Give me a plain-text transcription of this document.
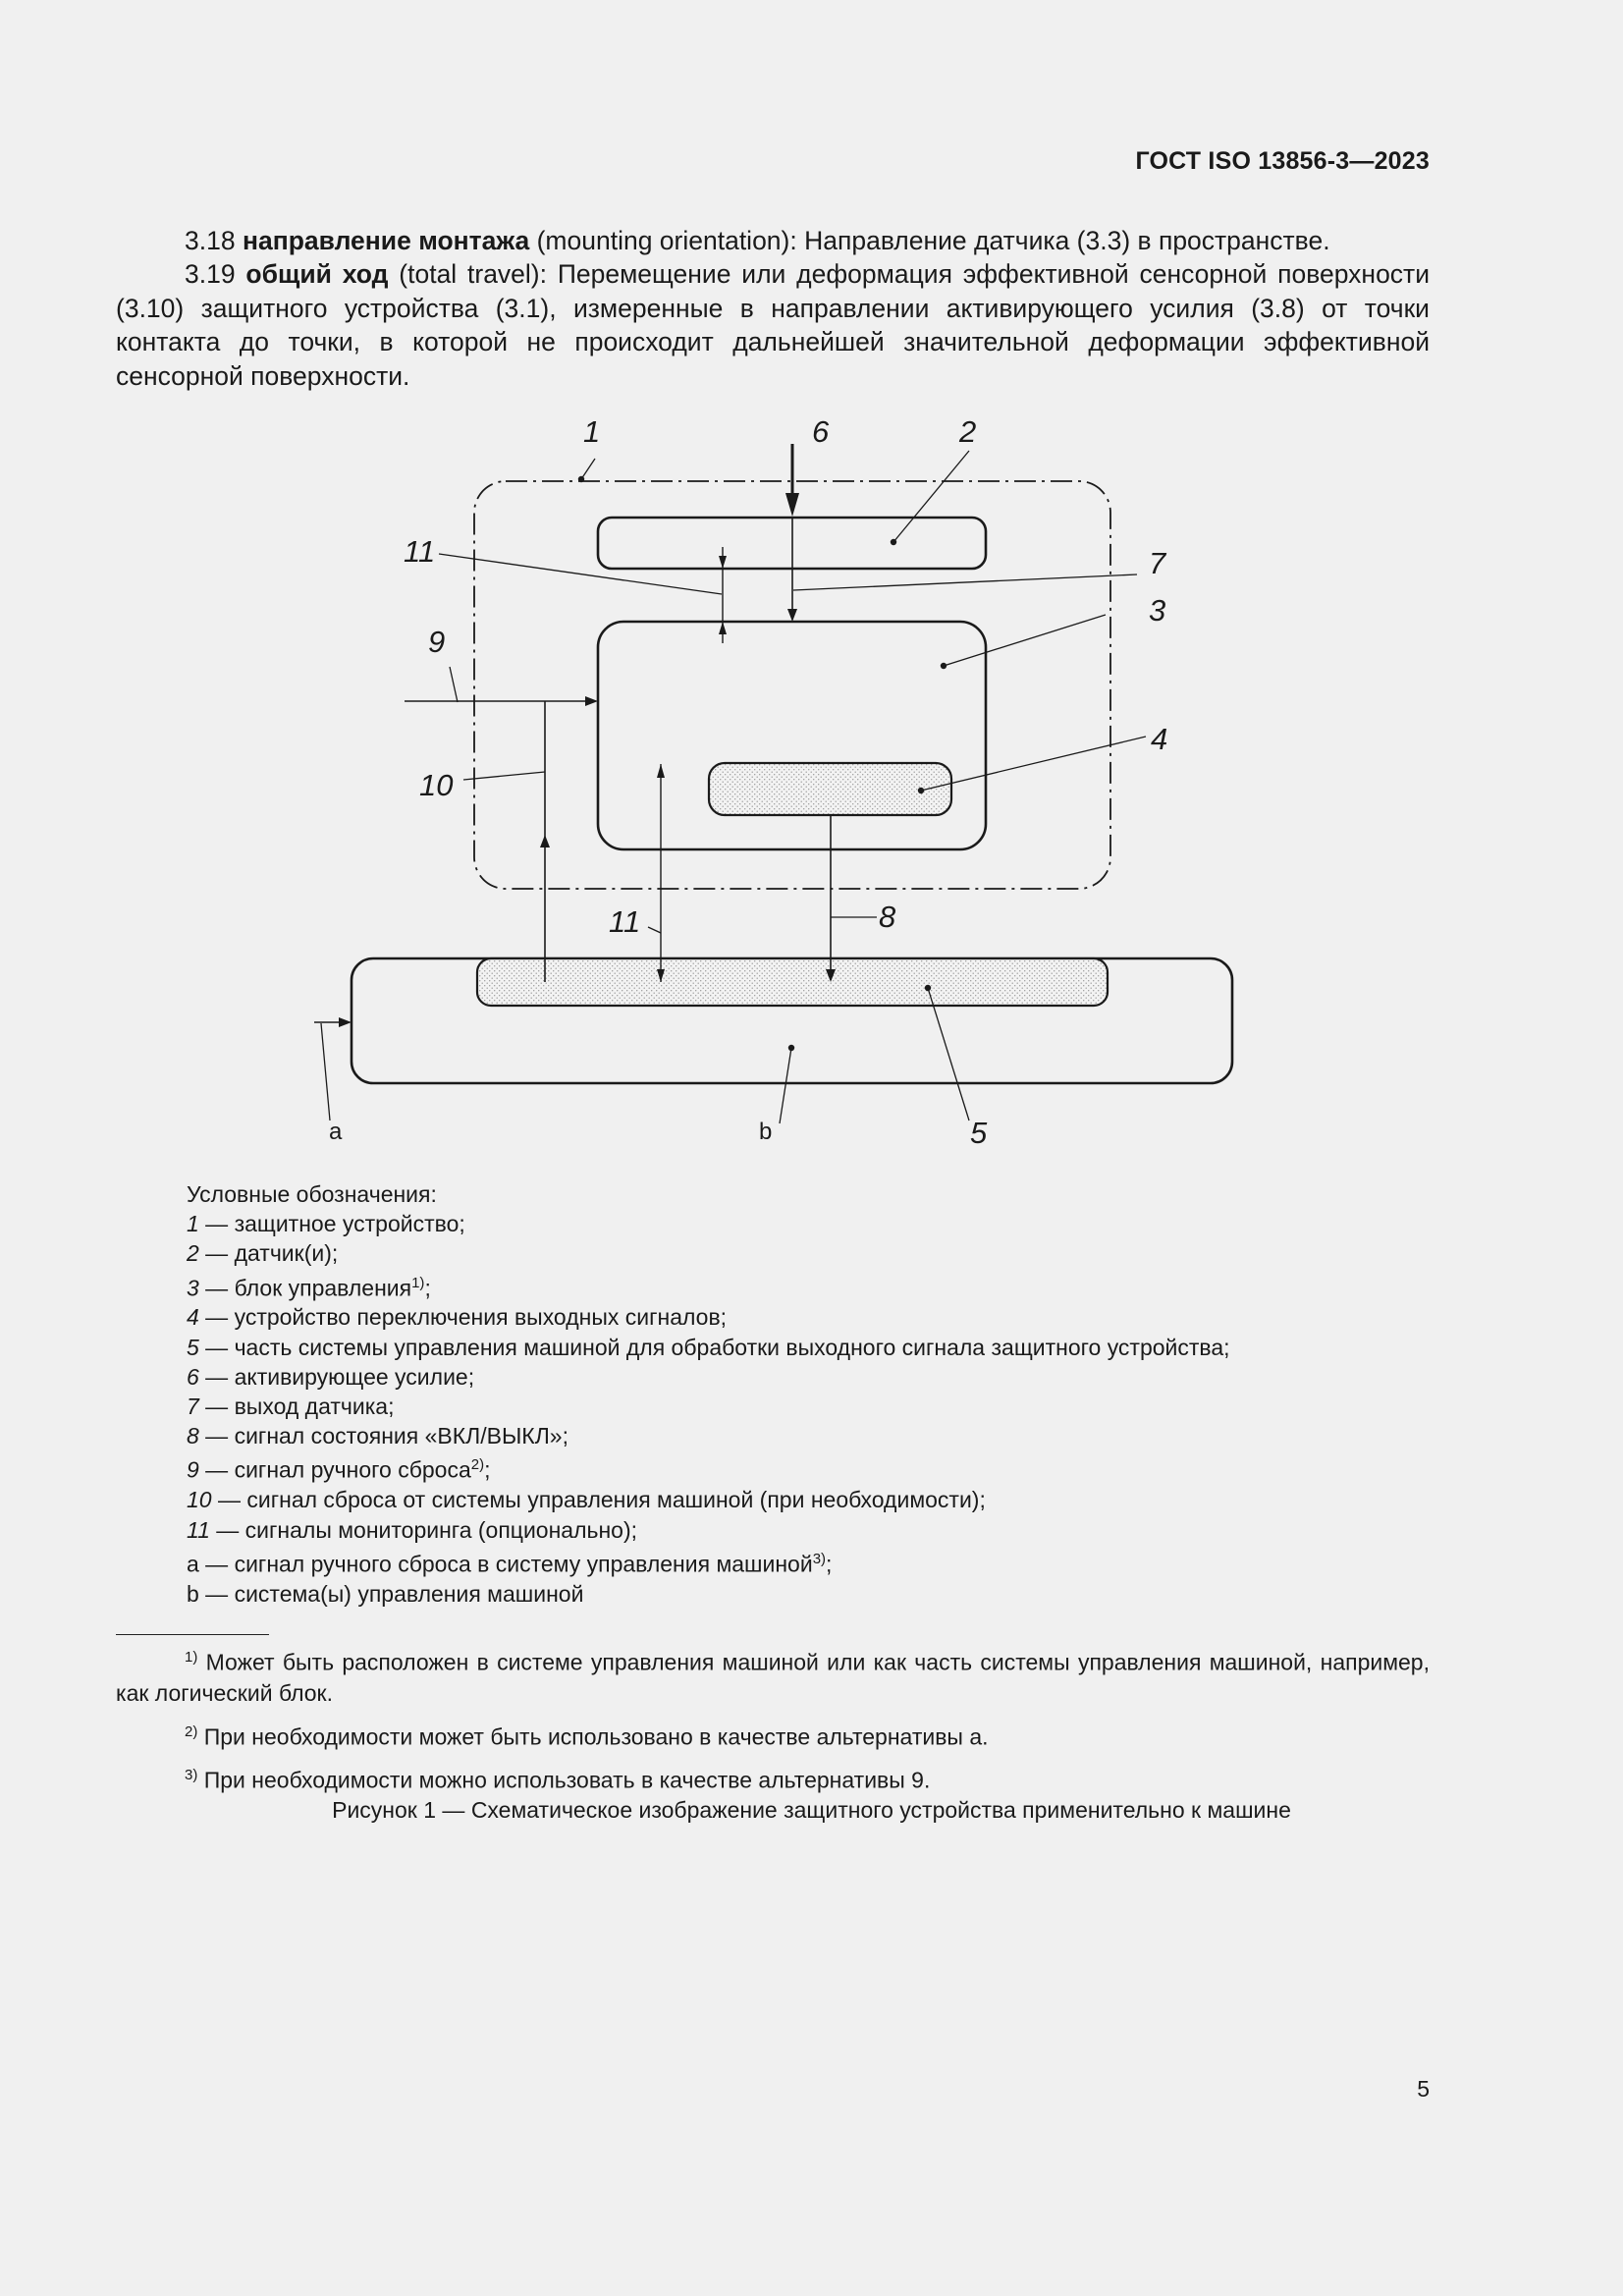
ГОСТ ISO 13856-3—2023

3.18 направление монтажа (mounting orientation): Направление датчика (3.3) в пространстве.

3.19 общий ход (total travel): Перемещение или деформация эффективной сенсорной поверхности (3.10) защитного устройства (3.1), измеренные в направлении активирующего усилия (3.8) от точки контакта до точки, в которой не происходит дальнейшей значительной деформации эффективной сенсорной поверхности.

1	6	2
11	7
3
9
4
10
11	8
5
a	b
Условные обозначения:
1 — защитное устройство;
2 — датчик(и);
3 — блок управления$^{1)}$;
4 — устройство переключения выходных сигналов;
5 — часть системы управления машиной для обработки выходного сигнала защитного устройства;
6 — активирующее усилие;
7 — выход датчика;
8 — сигнал состояния «ВКЛ/ВЫКЛ»;
9 — сигнал ручного сброса$^{2)}$;
10 — сигнал сброса от системы управления машиной (при необходимости);
11 — сигналы мониторинга (опционально);
a — сигнал ручного сброса в систему управления машиной$^{3)}$;
b — система(ы) управления машиной
$^{1)}$ Может быть расположен в системе управления машиной или как часть системы управления машиной, например, как логический блок.
$^{2)}$ При необходимости может быть использовано в качестве альтернативы а.
$^{3)}$ При необходимости можно использовать в качестве альтернативы 9.
Рисунок 1 — Схематическое изображение защитного устройства применительно к машине
5
